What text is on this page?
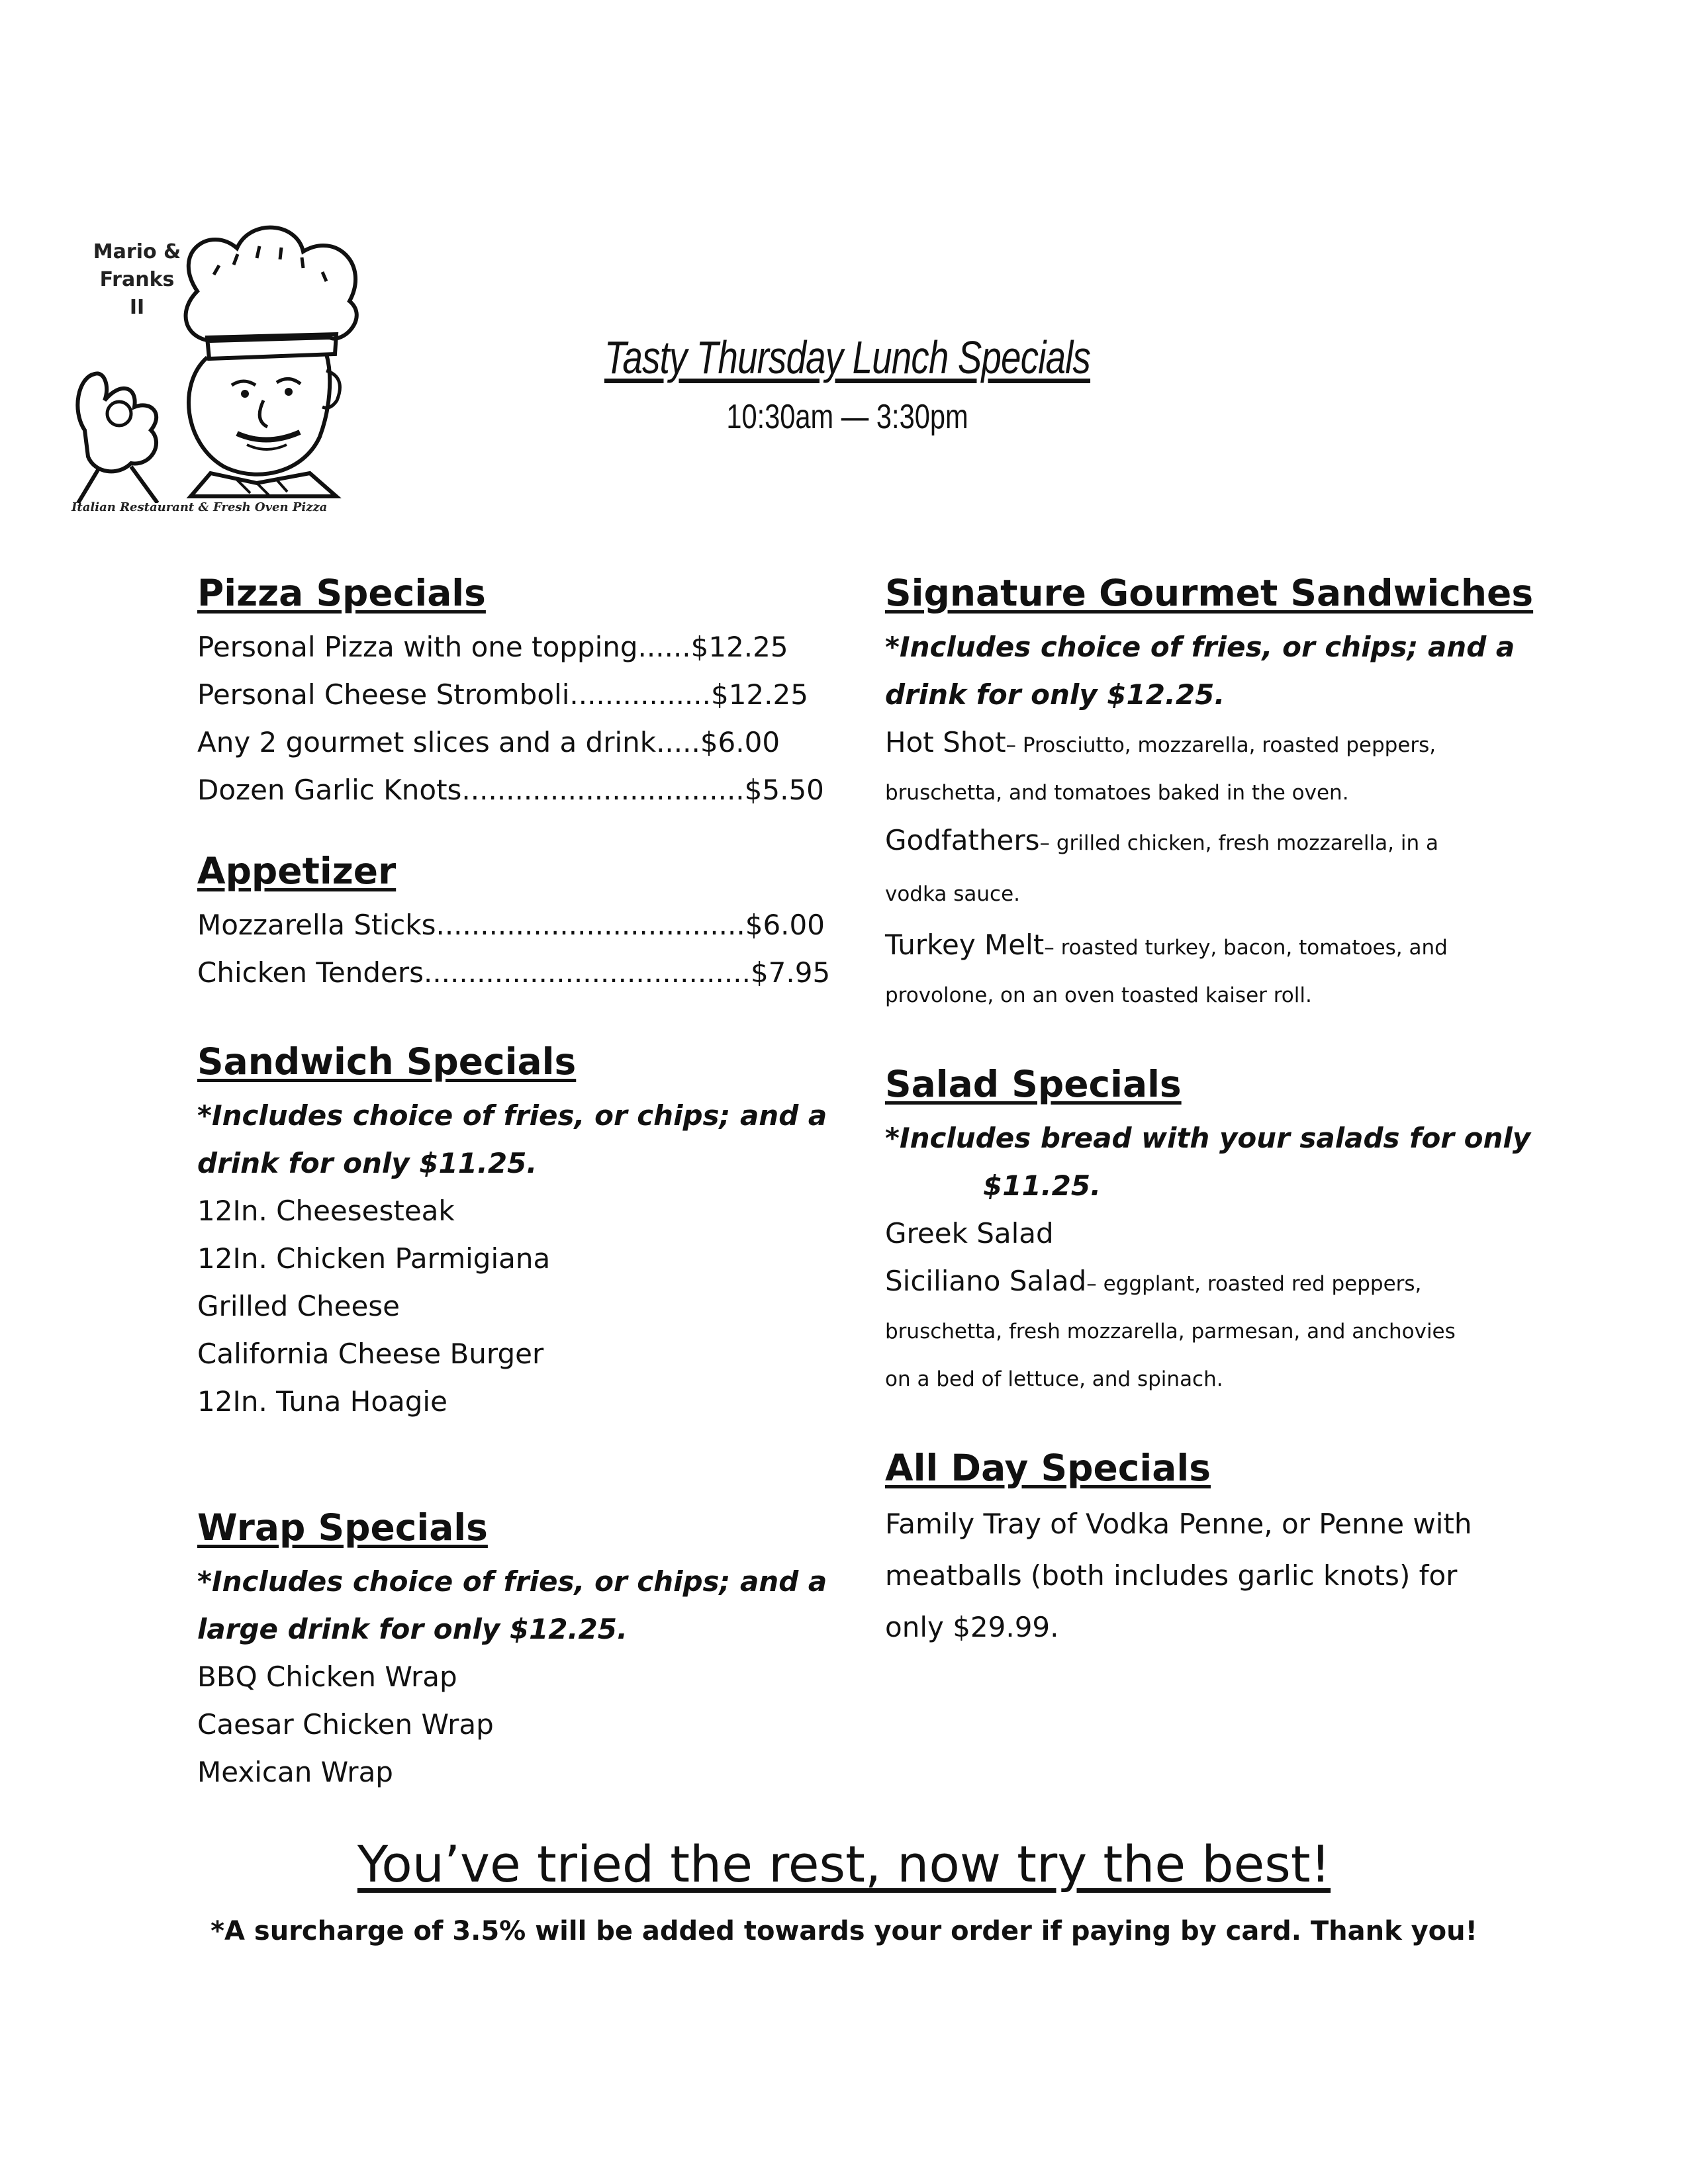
Mario &
Franks
II
Italian Restaurant & Fresh Oven Pizza
Tasty Thursday Lunch Specials
10:30am — 3:30pm
Pizza Specials
Personal Pizza with one topping......$12.25
Personal Cheese Stromboli................$12.25
Any 2 gourmet slices and a drink.....$6.00
Dozen Garlic Knots................................$5.50
Appetizer
Mozzarella Sticks...................................$6.00
Chicken Tenders.....................................$7.95
Sandwich Specials
*Includes choice of fries, or chips; and a
drink for only $11.25.
12In. Cheesesteak
12In. Chicken Parmigiana
Grilled Cheese
California Cheese Burger
12In. Tuna Hoagie
Wrap Specials
*Includes choice of fries, or chips; and a
large drink for only $12.25.
BBQ Chicken Wrap
Caesar Chicken Wrap
Mexican Wrap
Signature Gourmet Sandwiches
*Includes choice of fries, or chips; and a
drink for only $12.25.
Hot Shot– Prosciutto, mozzarella, roasted peppers,
bruschetta, and tomatoes baked in the oven.
Godfathers– grilled chicken, fresh mozzarella, in a
vodka sauce.
Turkey Melt– roasted turkey, bacon, tomatoes, and
provolone, on an oven toasted kaiser roll.
Salad Specials
*Includes bread with your salads for only
$11.25.
Greek Salad
Siciliano Salad– eggplant, roasted red peppers,
bruschetta, fresh mozzarella, parmesan, and anchovies
on a bed of lettuce, and spinach.
All Day Specials
Family Tray of Vodka Penne, or Penne with
meatballs (both includes garlic knots) for
only $29.99.
You’ve tried the rest, now try the best!
*A surcharge of 3.5% will be added towards your order if paying by card. Thank you!
